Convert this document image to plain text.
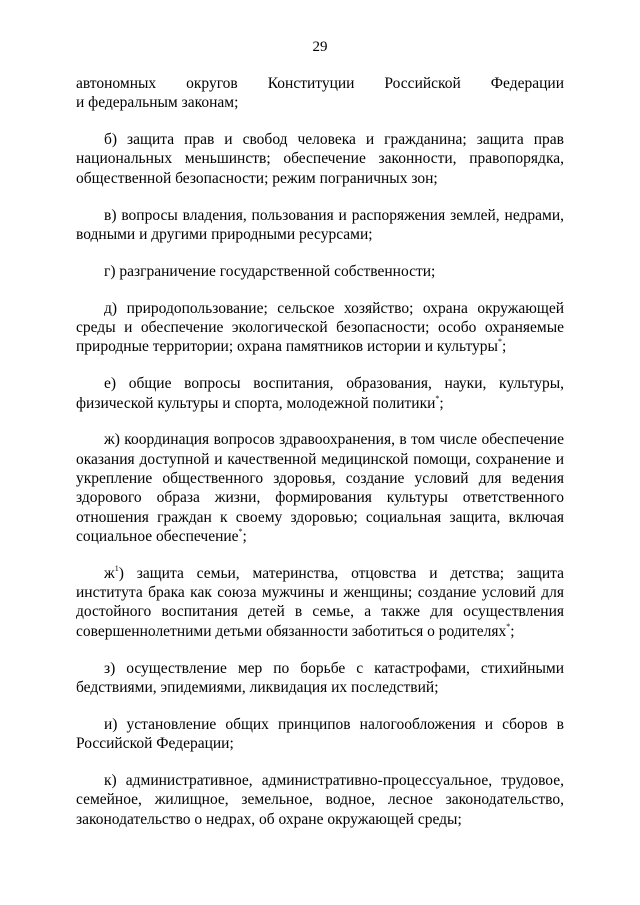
29

автономных округов Конституции Российской Федерации
и федеральным законам;

б) защита прав и свобод человека и гражданина; защита прав национальных меньшинств; обеспечение законности, правопорядка, общественной безопасности; режим пограничных зон;

в) вопросы владения, пользования и распоряжения землей, недрами, водными и другими природными ресурсами;

г) разграничение государственной собственности;

д) природопользование; сельское хозяйство; охрана окружающей среды и обеспечение экологической безопасности; особо охраняемые природные территории; охрана памятников истории и культуры*;

е) общие вопросы воспитания, образования, науки, культуры, физической культуры и спорта, молодежной политики*;

ж) координация вопросов здравоохранения, в том числе обеспечение оказания доступной и качественной медицинской помощи, сохранение и укрепление общественного здоровья, создание условий для ведения здорового образа жизни, формирования культуры ответственного отношения граждан к своему здоровью; социальная защита, включая социальное обеспечение*;

$ж^1$) защита семьи, материнства, отцовства и детства; защита института брака как союза мужчины и женщины; создание условий для достойного воспитания детей в семье, а также для осуществления совершеннолетними детьми обязанности заботиться о родителях*;

з) осуществление мер по борьбе с катастрофами, стихийными бедствиями, эпидемиями, ликвидация их последствий;

и) установление общих принципов налогообложения и сборов в Российской Федерации;

к) административное, административно-процессуальное, трудовое, семейное, жилищное, земельное, водное, лесное законодательство, законодательство о недрах, об охране окружающей среды;
